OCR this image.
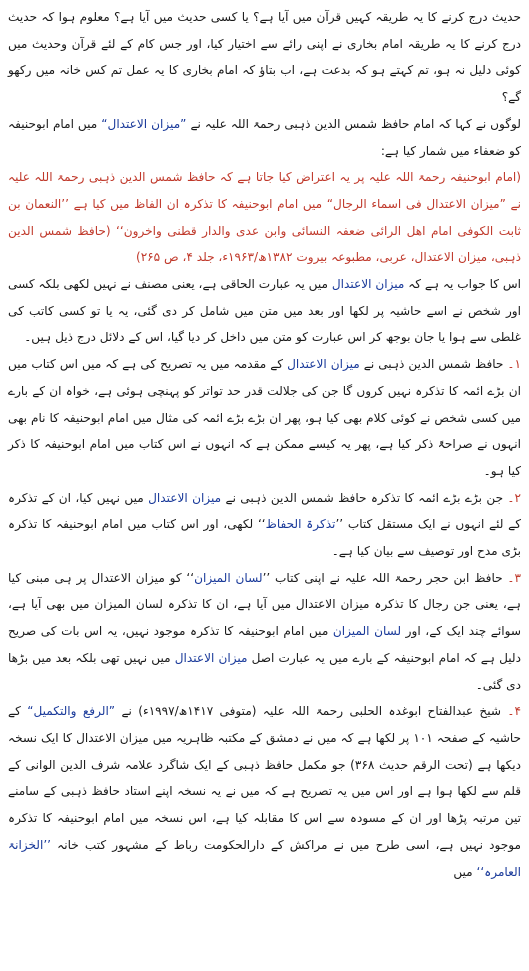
حدیث درج کرنے کا یہ طریقہ کہیں قرآن میں آیا ہے؟ یا کسی حدیث میں آیا ہے؟ معلوم ہوا کہ حدیث درج کرنے کا یہ طریقہ امام بخاری نے اپنی رائے سے اختیار کیا، اور جس کام کے لئے قرآن وحدیث میں کوئی دلیل نہ ہو، تم کہتے ہو کہ بدعت ہے، اب بتاؤ کہ امام بخاری کا یہ عمل تم کس خانہ میں رکھو گے؟

لوگوں نے کہا کہ امام حافظ شمس الدین ذہبی رحمۃ اللہ علیہ نے ”میزان الاعتدال“ میں امام ابوحنیفہ کو ضعفاء میں شمار کیا ہے:

(امام ابوحنیفہ رحمۃ اللہ علیہ پر یہ اعتراض کیا جاتا ہے کہ حافظ شمس الدین ذہبی رحمۃ اللہ علیہ نے ”میزان الاعتدال فی اسماء الرجال“ میں امام ابوحنیفہ کا تذکرہ ان الفاظ میں کیا ہے ’’النعمان بن ثابت الکوفی امام اھل الرائی ضعفہ النسائی وابن عدی والدار قطنی واخرون‘‘ (حافظ شمس الدین ذہبی، میزان الاعتدال، عربی، مطبوعہ بیروت ۱۳۸۲ھ/۱۹۶۳ء، جلد ۴، ص ۲۶۵)

اس کا جواب یہ ہے کہ میزان الاعتدال میں یہ عبارت الحاقی ہے، یعنی مصنف نے نہیں لکھی بلکہ کسی اور شخص نے اسے حاشیہ پر لکھا اور بعد میں متن میں شامل کر دی گئی، یہ یا تو کسی کاتب کی غلطی سے ہوا یا جان بوجھ کر اس عبارت کو متن میں داخل کر دیا گیا، اس کے دلائل درج ذیل ہیں۔

۱۔ حافظ شمس الدین ذہبی نے میزان الاعتدال کے مقدمہ میں یہ تصریح کی ہے کہ میں اس کتاب میں ان بڑے ائمہ کا تذکرہ نہیں کروں گا جن کی جلالت قدر حد تواتر کو پہنچی ہوئی ہے، خواہ ان کے بارے میں کسی شخص نے کوئی کلام بھی کیا ہو، پھر ان بڑے بڑے ائمہ کی مثال میں امام ابوحنیفہ کا نام بھی انہوں نے صراحۃً ذکر کیا ہے، پھر یہ کیسے ممکن ہے کہ انہوں نے اس کتاب میں امام ابوحنیفہ کا ذکر کیا ہو۔

۲۔ جن بڑے بڑے ائمہ کا تذکرہ حافظ شمس الدین ذہبی نے میزان الاعتدال میں نہیں کیا، ان کے تذکرہ کے لئے انہوں نے ایک مستقل کتاب ’’تذکرۃ الحفاظ‘‘ لکھی، اور اس کتاب میں امام ابوحنیفہ کا تذکرہ بڑی مدح اور توصیف سے بیان کیا ہے۔

۳۔ حافظ ابن حجر رحمۃ اللہ علیہ نے اپنی کتاب ’’لسان المیزان‘‘ کو میزان الاعتدال پر ہی مبنی کیا ہے، یعنی جن رجال کا تذکرہ میزان الاعتدال میں آیا ہے، ان کا تذکرہ لسان المیزان میں بھی آیا ہے، سوائے چند ایک کے، اور لسان المیزان میں امام ابوحنیفہ کا تذکرہ موجود نہیں، یہ اس بات کی صریح دلیل ہے کہ امام ابوحنیفہ کے بارے میں یہ عبارت اصل میزان الاعتدال میں نہیں تھی بلکہ بعد میں بڑھا دی گئی۔

۴۔ شیخ عبدالفتاح ابوغدہ الحلبی رحمۃ اللہ علیہ (متوفی ۱۴۱۷ھ/۱۹۹۷ء) نے ”الرفع والتکمیل“ کے حاشیہ کے صفحہ ۱۰۱ پر لکھا ہے کہ میں نے دمشق کے مکتبہ ظاہریہ میں میزان الاعتدال کا ایک نسخہ دیکھا ہے (تحت الرقم حدیث ۳۶۸) جو مکمل حافظ ذہبی کے ایک شاگرد علامہ شرف الدین الوانی کے قلم سے لکھا ہوا ہے اور اس میں یہ تصریح ہے کہ میں نے یہ نسخہ اپنے استاد حافظ ذہبی کے سامنے تین مرتبہ پڑھا اور ان کے مسودہ سے اس کا مقابلہ کیا ہے، اس نسخہ میں امام ابوحنیفہ کا تذکرہ موجود نہیں ہے، اسی طرح میں نے مراکش کے دارالحکومت رباط کے مشہور کتب خانہ ’’الخزانۃ العامرہ‘‘ میں
